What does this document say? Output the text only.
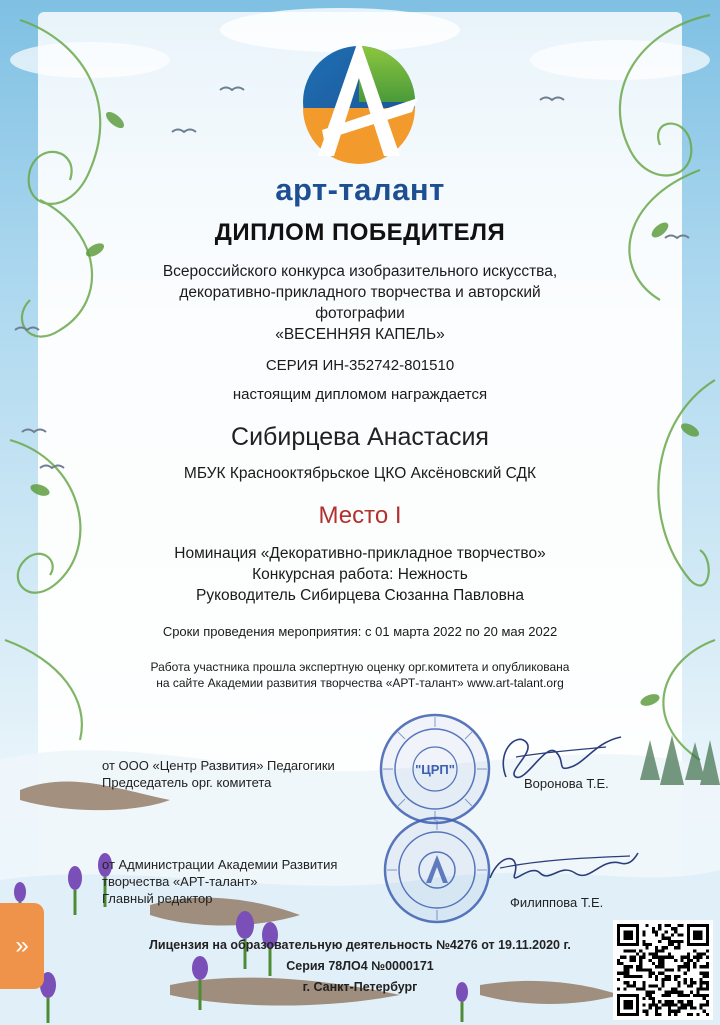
арт-талант
ДИПЛОМ ПОБЕДИТЕЛЯ
Всероссийского конкурса изобразительного искусства,
декоративно-прикладного творчества и авторский
фотографии
«ВЕСЕННЯЯ КАПЕЛЬ»
СЕРИЯ ИН-352742-801510
настоящим дипломом награждается
Сибирцева Анастасия
МБУК Краснооктябрьское ЦКО Аксёновский СДК
Место I
Номинация «Декоративно-прикладное творчество»
Конкурсная работа: Нежность
Руководитель Сибирцева Сюзанна Павловна
Сроки проведения мероприятия: с 01 марта 2022 по 20 мая 2022
Работа участника прошла экспертную оценку орг.комитета и опубликована
на сайте Академии развития творчества «АРТ-талант» www.art-talant.org
от ООО «Центр Развития» Педагогики
Председатель орг. комитета	Воронова Т.Е.
от Администрации Академии Развития
творчества «АРТ-талант»
Главный редактор	Филиппова Т.Е.
"ЦРП"
Лицензия на образовательную деятельность №4276 от 19.11.2020 г.
Серия 78ЛО4 №0000171
г. Санкт-Петербург
»
